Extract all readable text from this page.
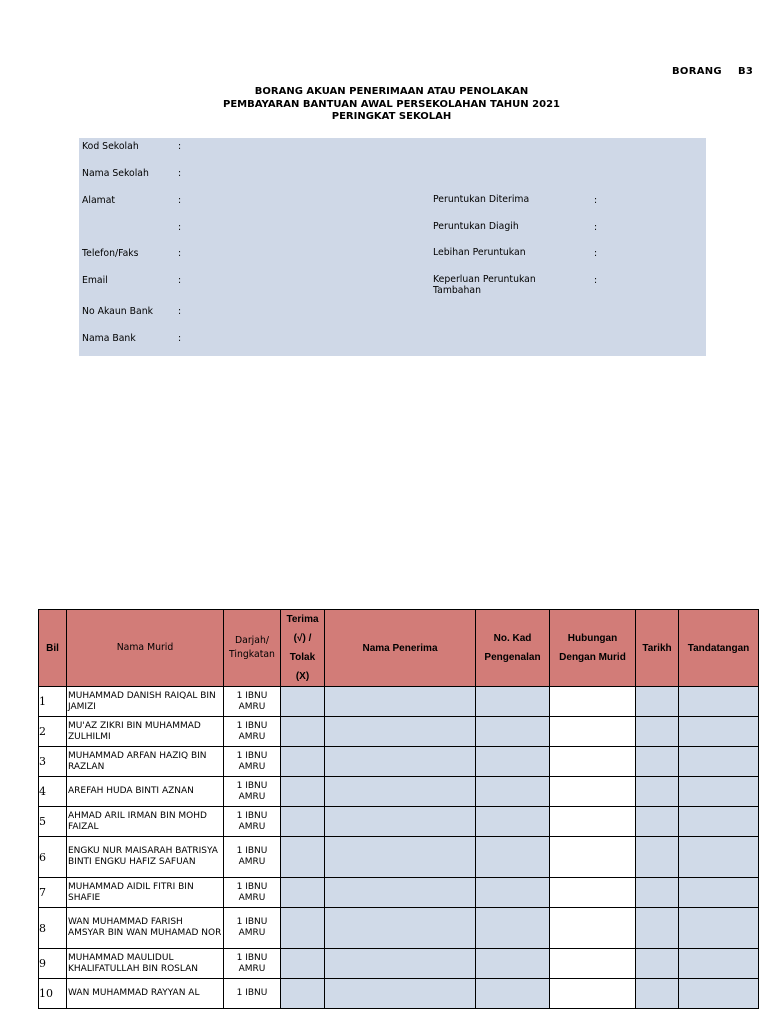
BORANG B3
BORANG AKUAN PENERIMAAN ATAU PENOLAKAN
PEMBAYARAN BANTUAN AWAL PERSEKOLAHAN TAHUN 2021
PERINGKAT SEKOLAH
Kod Sekolah	:
Nama Sekolah	:
Alamat	:
:
Telefon/Faks	:
Email	:
No Akaun Bank	:
Nama Bank	:
Peruntukan Diterima	:
Peruntukan Diagih	:
Lebihan Peruntukan	:
Keperluan Peruntukan Tambahan
:
Bil	Nama Murid	Darjah/ Tingkatan	Terima (√) / Tolak (X)	Nama Penerima	No. Kad Pengenalan	Hubungan Dengan Murid	Tarikh	Tandatangan
1	MUHAMMAD DANISH RAIQAL BIN JAMIZI	1 IBNU AMRU						
2	MU'AZ ZIKRI BIN MUHAMMAD ZULHILMI	1 IBNU AMRU						
3	MUHAMMAD ARFAN HAZIQ BIN RAZLAN	1 IBNU AMRU						
4	AREFAH HUDA BINTI AZNAN	1 IBNU AMRU						
5	AHMAD ARIL IRMAN BIN MOHD FAIZAL	1 IBNU AMRU						
6	ENGKU NUR MAISARAH BATRISYA BINTI ENGKU HAFIZ SAFUAN	1 IBNU AMRU						
7	MUHAMMAD AIDIL FITRI BIN SHAFIE	1 IBNU AMRU						
8	WAN MUHAMMAD FARISH AMSYAR BIN WAN MUHAMAD NOR	1 IBNU AMRU						
9	MUHAMMAD MAULIDUL KHALIFATULLAH BIN ROSLAN	1 IBNU AMRU						
10	WAN MUHAMMAD RAYYAN AL	1 IBNU						
